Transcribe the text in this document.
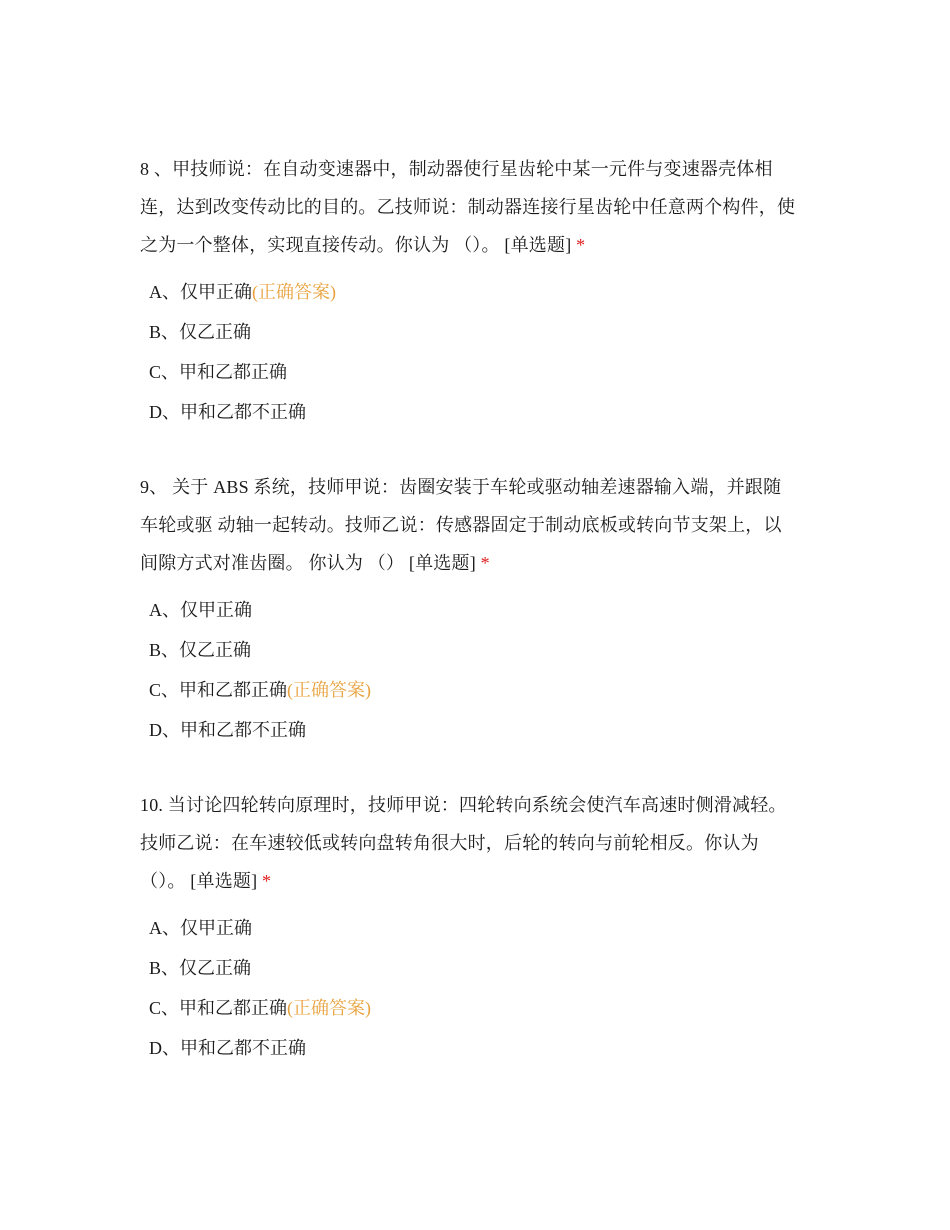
8 、甲技师说：在自动变速器中，制动器使行星齿轮中某一元件与变速器壳体相
连，达到改变传动比的目的。乙技师说：制动器连接行星齿轮中任意两个构件，使
之为一个整体，实现直接传动。你认为 （）。 [单选题] *

A、仅甲正确(正确答案)
B、仅乙正确
C、甲和乙都正确
D、甲和乙都不正确

9、 关于 ABS 系统，技师甲说：齿圈安装于车轮或驱动轴差速器输入端，并跟随
车轮或驱 动轴一起转动。技师乙说：传感器固定于制动底板或转向节支架上，以
间隙方式对准齿圈。 你认为 （） [单选题] *

A、仅甲正确
B、仅乙正确
C、甲和乙都正确(正确答案)
D、甲和乙都不正确

10. 当讨论四轮转向原理时，技师甲说：四轮转向系统会使汽车高速时侧滑减轻。
技师乙说：在车速较低或转向盘转角很大时，后轮的转向与前轮相反。你认为
（）。 [单选题] *

A、仅甲正确
B、仅乙正确
C、甲和乙都正确(正确答案)
D、甲和乙都不正确
